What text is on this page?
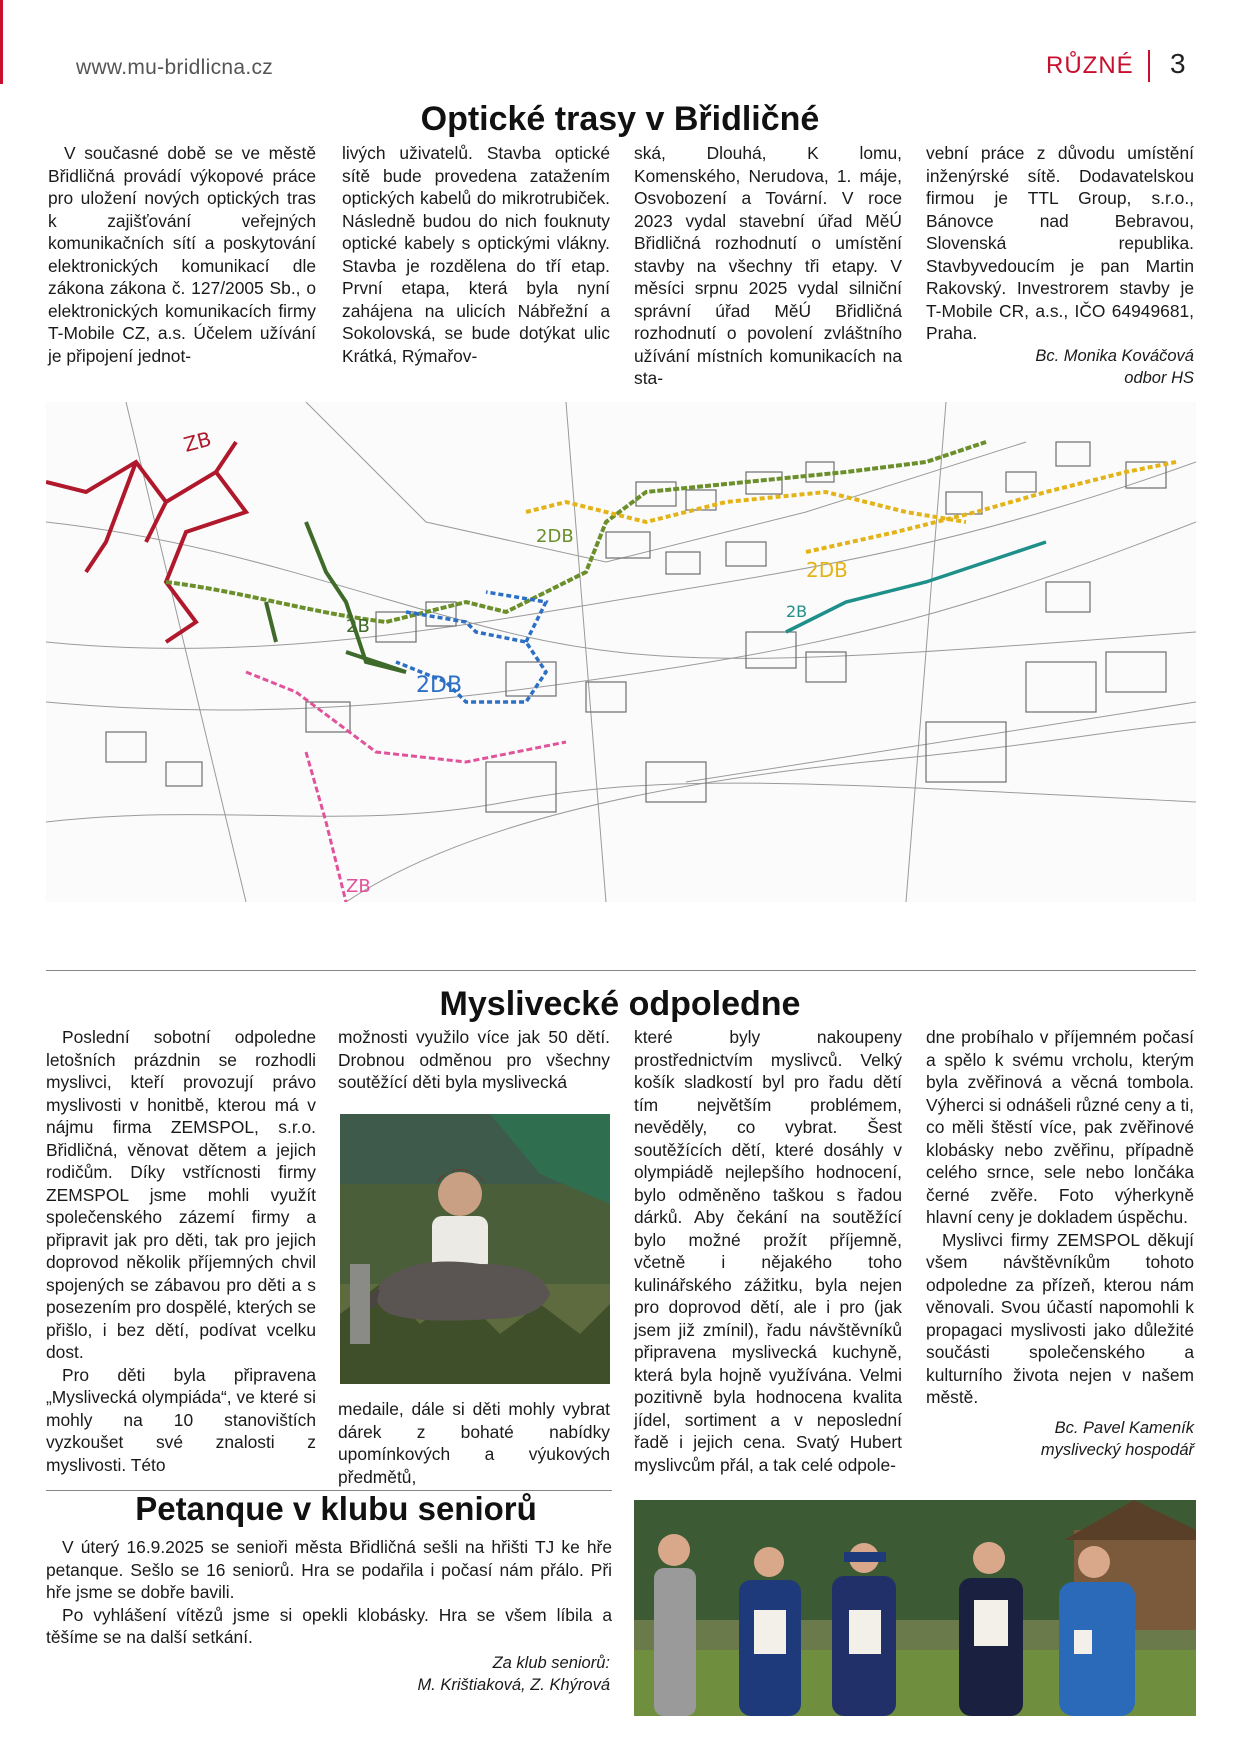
www.mu-bridlicna.cz	RŮZNÉ 3
Optické trasy v Břidličné

V současné době se ve městě Břidličná provádí výkopové práce pro uložení nových optických tras k zajišťování veřejných komunikačních sítí a poskytování elektronických komunikací dle zákona zákona č. 127/2005 Sb., o elektronických komunikacích firmy T-Mobile CZ, a.s. Účelem užívání je připojení jednot-

livých uživatelů. Stavba optické sítě bude provedena zatažením optických kabelů do mikrotrubiček. Následně budou do nich fouknuty optické kabely s optickými vlákny. Stavba je rozdělena do tří etap. První etapa, která byla nyní zahájena na ulicích Nábřežní a Sokolovská, se bude dotýkat ulic Krátká, Rýmařov-

ská, Dlouhá, K lomu, Komenského, Nerudova, 1. máje, Osvobození a Tovární. V roce 2023 vydal stavební úřad MěÚ Břidličná rozhodnutí o umístění stavby na všechny tři etapy. V měsíci srpnu 2025 vydal silniční správní úřad MěÚ Břidličná rozhodnutí o povolení zvláštního užívání místních komunikacích na sta-

vební práce z důvodu umístění inženýrské sítě. Dodavatelskou firmou je TTL Group, s.r.o., Bánovce nad Bebravou, Slovenská republika. Stavbyvedoucím je pan Martin Rakovský. Investrorem stavby je T-Mobile CR, a.s., IČO 64949681, Praha.

Bc. Monika Kováčová
odbor HS
ZB
2B
2DB
2DB
2DB
2B
ZB
Myslivecké odpoledne

Poslední sobotní odpoledne letošních prázdnin se rozhodli myslivci, kteří provozují právo myslivosti v honitbě, kterou má v nájmu firma ZEMSPOL, s.r.o. Břidličná, věnovat dětem a jejich rodičům. Díky vstřícnosti firmy ZEMSPOL jsme mohli využít společenského zázemí firmy a připravit jak pro děti, tak pro jejich doprovod několik příjemných chvil spojených se zábavou pro děti a s posezením pro dospělé, kterých se přišlo, i bez dětí, podívat vcelku dost.

Pro děti byla připravena „Myslivecká olympiáda“, ve které si mohly na 10 stanovištích vyzkoušet své znalosti z myslivosti. Této

možnosti využilo více jak 50 dětí. Drobnou odměnou pro všechny soutěžící děti byla myslivecká

medaile, dále si děti mohly vybrat dárek z bohaté nabídky upomínkových a výukových předmětů,

které byly nakoupeny prostřednictvím myslivců. Velký košík sladkostí byl pro řadu dětí tím největším problémem, nevěděly, co vybrat. Šest soutěžících dětí, které dosáhly v olympiádě nejlepšího hodnocení, bylo odměněno taškou s řadou dárků. Aby čekání na soutěžící bylo možné prožít příjemně, včetně i nějakého toho kulinářského zážitku, byla nejen pro doprovod dětí, ale i pro (jak jsem již zmínil), řadu návštěvníků připravena myslivecká kuchyně, která byla hojně využívána. Velmi pozitivně byla hodnocena kvalita jídel, sortiment a v neposlední řadě i jejich cena. Svatý Hubert myslivcům přál, a tak celé odpole-

dne probíhalo v příjemném počasí a spělo k svému vrcholu, kterým byla zvěřinová a věcná tombola. Výherci si odnášeli různé ceny a ti, co měli štěstí více, pak zvěřinové klobásky nebo zvěřinu, případně celého srnce, sele nebo lončáka černé zvěře. Foto výherkyně hlavní ceny je dokladem úspěchu.

Myslivci firmy ZEMSPOL děkují všem návštěvníkům tohoto odpoledne za přízeň, kterou nám věnovali. Svou účastí napomohli k propagaci myslivosti jako důležité součásti společenského a kulturního života nejen v našem městě.

Bc. Pavel Kameník
myslivecký hospodář
Petanque v klubu seniorů

V úterý 16.9.2025 se senioři města Břidličná sešli na hřišti TJ ke hře petanque. Sešlo se 16 seniorů. Hra se podařila i počasí nám přálo. Při hře jsme se dobře bavili.

Po vyhlášení vítězů jsme si opekli klobásky. Hra se všem líbila a těšíme se na další setkání.

Za klub seniorů:
M. Krištiaková, Z. Khýrová
